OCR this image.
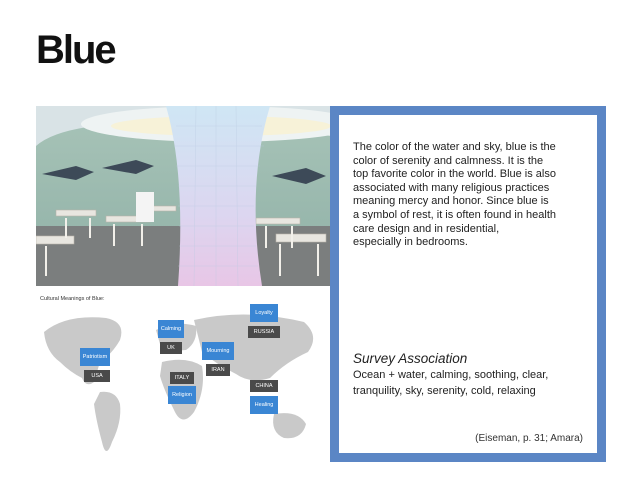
Blue
Cultural Meanings of Blue:
Patriotism
USA
Calming
UK
ITALY
Religion
Mourning
IRAN
Loyalty
RUSSIA
CHINA
Healing
The color of the water and sky, blue is the
color of serenity and calmness. It is the
top favorite color in the world. Blue is also
associated with many religious practices
meaning mercy and honor. Since blue is
a symbol of rest, it is often found in health
care design and in residential,
especially in bedrooms.
Survey Association
Ocean + water, calming, soothing, clear, tranquility, sky, serenity, cold, relaxing
(Eiseman, p. 31; Amara)
